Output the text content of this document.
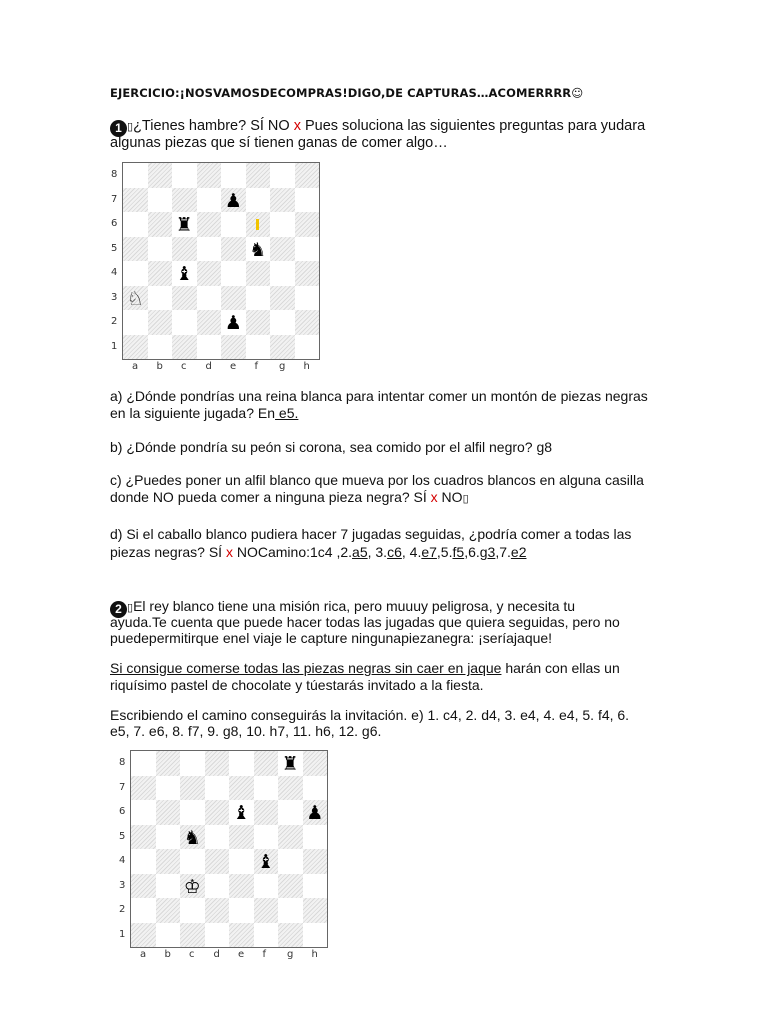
EJERCICIO:¡NOSVAMOSDECOMPRAS!DIGO,DE CAPTURAS…ACOMERRRR☺
1 ▯¿Tienes hambre? SÍ NO x Pues soluciona las siguientes preguntas para yudara
algunas piezas que sí tienen ganas de comer algo…
8
7
6
5
4
3
2
1
a b c d e f g h
♟
♜
♞
♝
♘
♟
a) ¿Dónde pondrías una reina blanca para intentar comer un montón de piezas negras
en la siguiente jugada? En e5.
b) ¿Dónde pondría su peón si corona, sea comido por el alfil negro? g8
c) ¿Puedes poner un alfil blanco que mueva por los cuadros blancos en alguna casilla
donde NO pueda comer a ninguna pieza negra? SÍ x NO▯
d) Si el caballo blanco pudiera hacer 7 jugadas seguidas, ¿podría comer a todas las
piezas negras? SÍ x NOCamino:1c4 ,2.a5, 3.c6, 4.e7,5.f5,6.g3,7.e2
2 ▯El rey blanco tiene una misión rica, pero muuuy peligrosa, y necesita tu
ayuda.Te cuenta que puede hacer todas las jugadas que quiera seguidas, pero no
puedepermitirque enel viaje le capture ningunapiezanegra: ¡seríajaque!
Si consigue comerse todas las piezas negras sin caer en jaque harán con ellas un
riquísimo pastel de chocolate y túestarás invitado a la fiesta.
Escribiendo el camino conseguirás la invitación. e) 1. c4, 2. d4, 3. e4, 4. e4, 5. f4, 6.
e5, 7. e6, 8. f7, 9. g8, 10. h7, 11. h6, 12. g6.
8
7
6
5
4
3
2
1
a b c d e f g h
♜
♝	♟
♞
♝
♔
